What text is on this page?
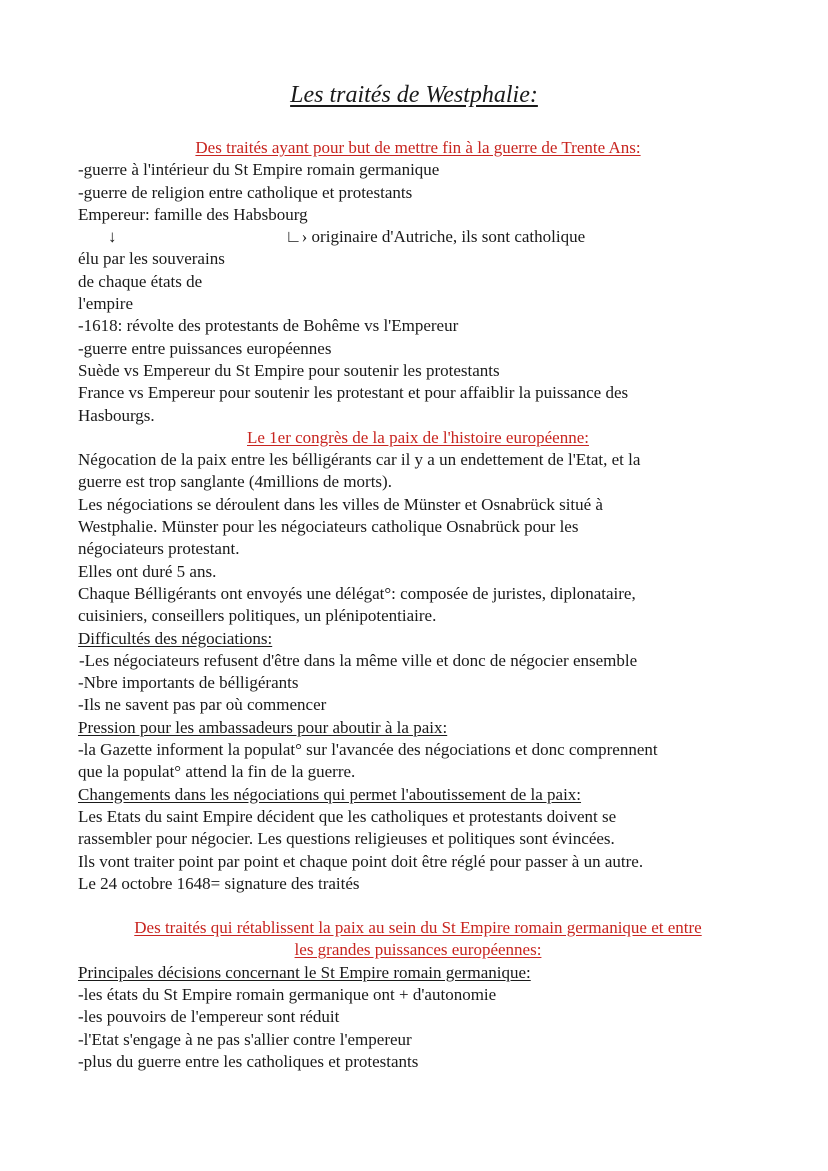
Les traités de Westphalie:
Des traités ayant pour but de mettre fin à la guerre de Trente Ans:
-guerre à l'intérieur du St Empire romain germanique
-guerre de religion entre catholique et protestants
Empereur: famille des Habsbourg
↓	∟› originaire d'Autriche, ils sont catholique
élu par les souverains
de chaque états de
l'empire
-1618: révolte des protestants de Bohême vs l'Empereur
-guerre entre puissances européennes
Suède vs Empereur du St Empire pour soutenir les protestants
France vs Empereur pour soutenir les protestant et pour affaiblir la puissance des
Hasbourgs.
Le 1er congrès de la paix de l'histoire européenne:
Négocation de la paix entre les bélligérants car il y a un endettement de l'Etat, et la
guerre est trop sanglante (4millions de morts).
Les négociations se déroulent dans les villes de Münster et Osnabrück situé à
Westphalie. Münster pour les négociateurs catholique Osnabrück pour les
négociateurs protestant.
Elles ont duré 5 ans.
Chaque Bélligérants ont envoyés une délégat°: composée de juristes, diplonataire,
cuisiniers, conseillers politiques, un plénipotentiaire.
Difficultés des négociations:
-Les négociateurs refusent d'être dans la même ville et donc de négocier ensemble
-Nbre importants de bélligérants
-Ils ne savent pas par où commencer
Pression pour les ambassadeurs pour aboutir à la paix:
-la Gazette informent la populat° sur l'avancée des négociations et donc comprennent
que la populat° attend la fin de la guerre.
Changements dans les négociations qui permet l'aboutissement de la paix:
Les Etats du saint Empire décident que les catholiques et protestants doivent se
rassembler pour négocier. Les questions religieuses et politiques sont évincées.
Ils vont traiter point par point et chaque point doit être réglé pour passer à un autre.
Le 24 octobre 1648= signature des traités
Des traités qui rétablissent la paix au sein du St Empire romain germanique et entre
les grandes puissances européennes:
Principales décisions concernant le St Empire romain germanique:
-les états du St Empire romain germanique ont + d'autonomie
-les pouvoirs de l'empereur sont réduit
-l'Etat s'engage à ne pas s'allier contre l'empereur
-plus du guerre entre les catholiques et protestants
